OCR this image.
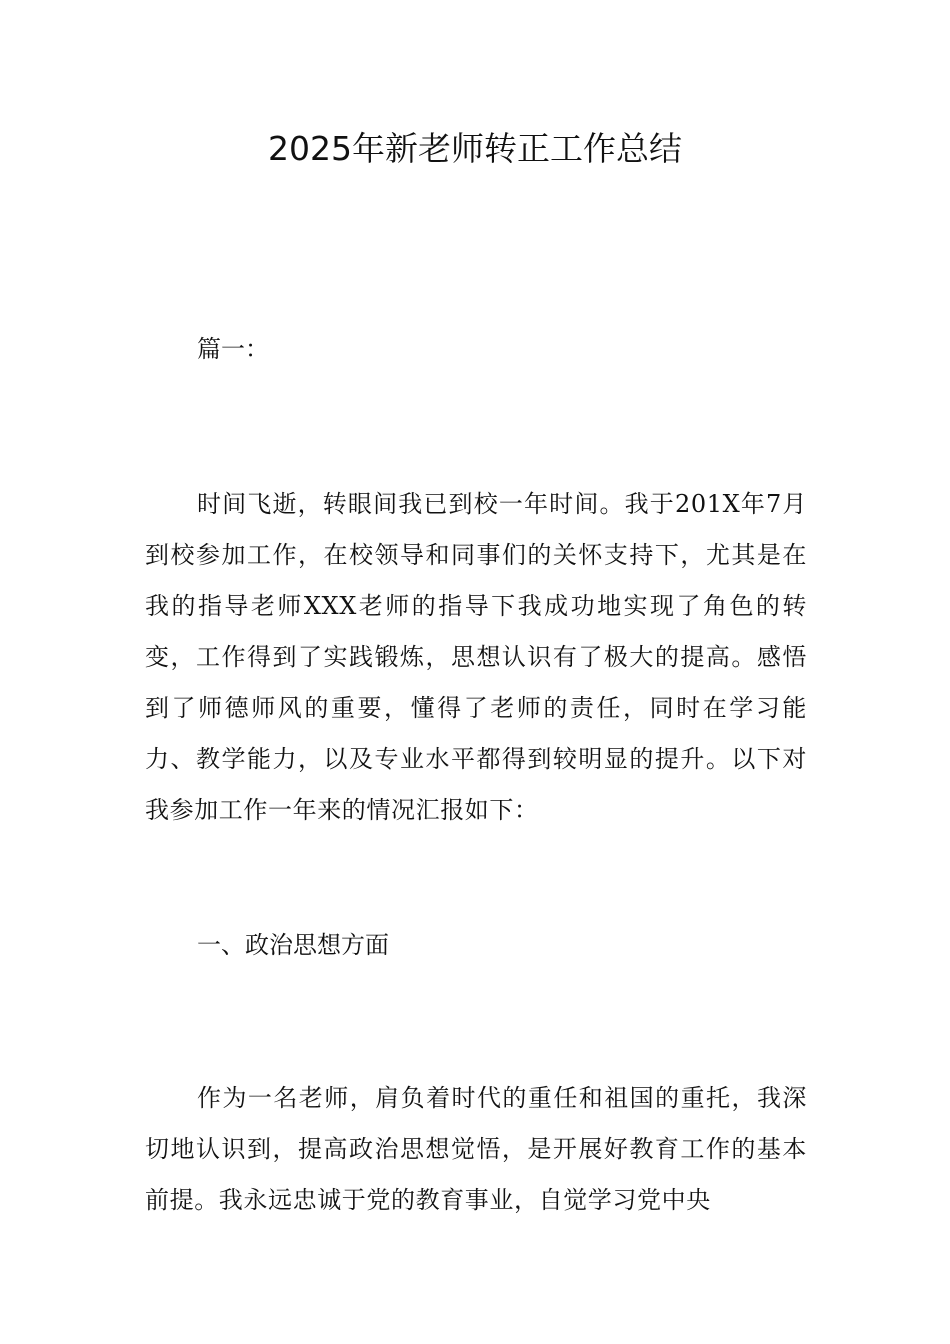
2025年新老师转正工作总结
篇一：

时间飞逝，转眼间我已到校一年时间。我于201X年7月到校参加工作，在校领导和同事们的关怀支持下，尤其是在我的指导老师XXX老师的指导下我成功地实现了角色的转变，工作得到了实践锻炼，思想认识有了极大的提高。感悟到了师德师风的重要，懂得了老师的责任，同时在学习能力、教学能力，以及专业水平都得到较明显的提升。以下对我参加工作一年来的情况汇报如下：

一、政治思想方面

作为一名老师，肩负着时代的重任和祖国的重托，我深切地认识到，提高政治思想觉悟，是开展好教育工作的基本前提。我永远忠诚于党的教育事业，自觉学习党中央
